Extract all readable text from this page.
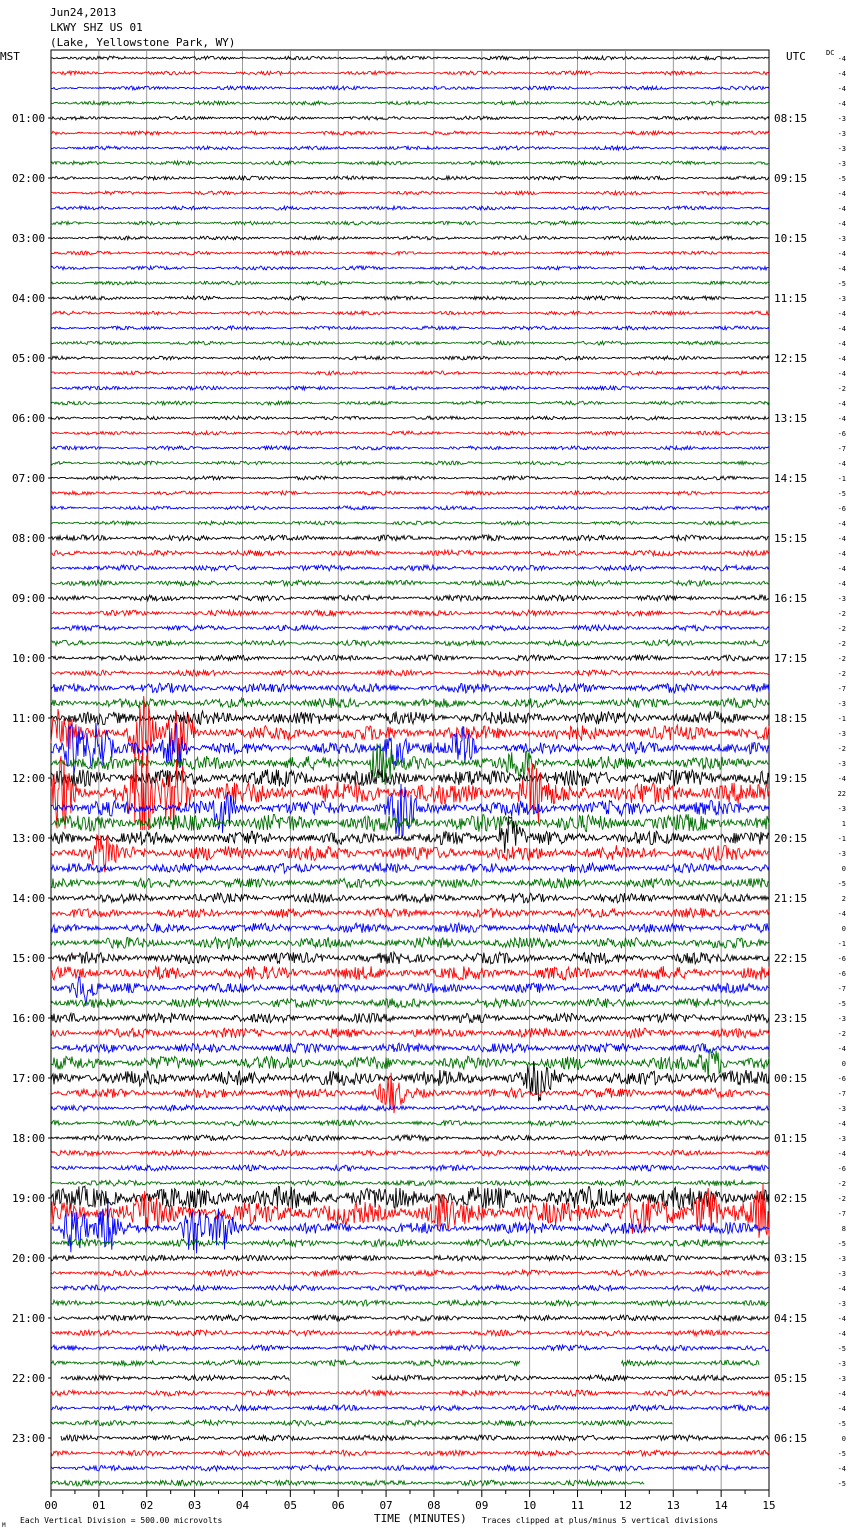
Jun24,2013
LKWY SHZ US 01
(Lake, Yellowstone Park, WY)
MST	UTC	DC
01:00
02:00
03:00
04:00
05:00
06:00
07:00
08:00
09:00
10:00
11:00
12:00
13:00
14:00
15:00
16:00
17:00
18:00
19:00
20:00
21:00
22:00
23:00
08:15
09:15
10:15
11:15
12:15
13:15
14:15
15:15
16:15
17:15
18:15
19:15
20:15
21:15
22:15
23:15
00:15
01:15
02:15
03:15
04:15
05:15
06:15
-4
-4
-4
-4
-3
-3
-3
-3
-5
-4
-4
-4
-3
-4
-4
-5
-3
-4
-4
-4
-4
-4
-2
-4
-4
-6
-7
-4
-1
-5
-6
-4
-4
-4
-4
-4
-3
-2
-2
-2
-2
-2
-7
-3
-1
-3
-2
-3
-4
22
-3
1
-1
-3
0
-5
2
-4
0
-1
-6
-6
-7
-5
-3
-2
-4
0
-6
-7
-3
-4
-3
-4
-6
-2
-2
-7
8
-5
-3
-3
-4
-3
-4
-4
-5
-3
-3
-4
-4
-5
0
-5
-4
-5
00	01	02	03	04	05	06	07	08	09	10	11	12	13	14	15
Each Vertical Division = 500.00 microvolts	TIME (MINUTES) Traces clipped at plus/minus 5 vertical divisions
M
